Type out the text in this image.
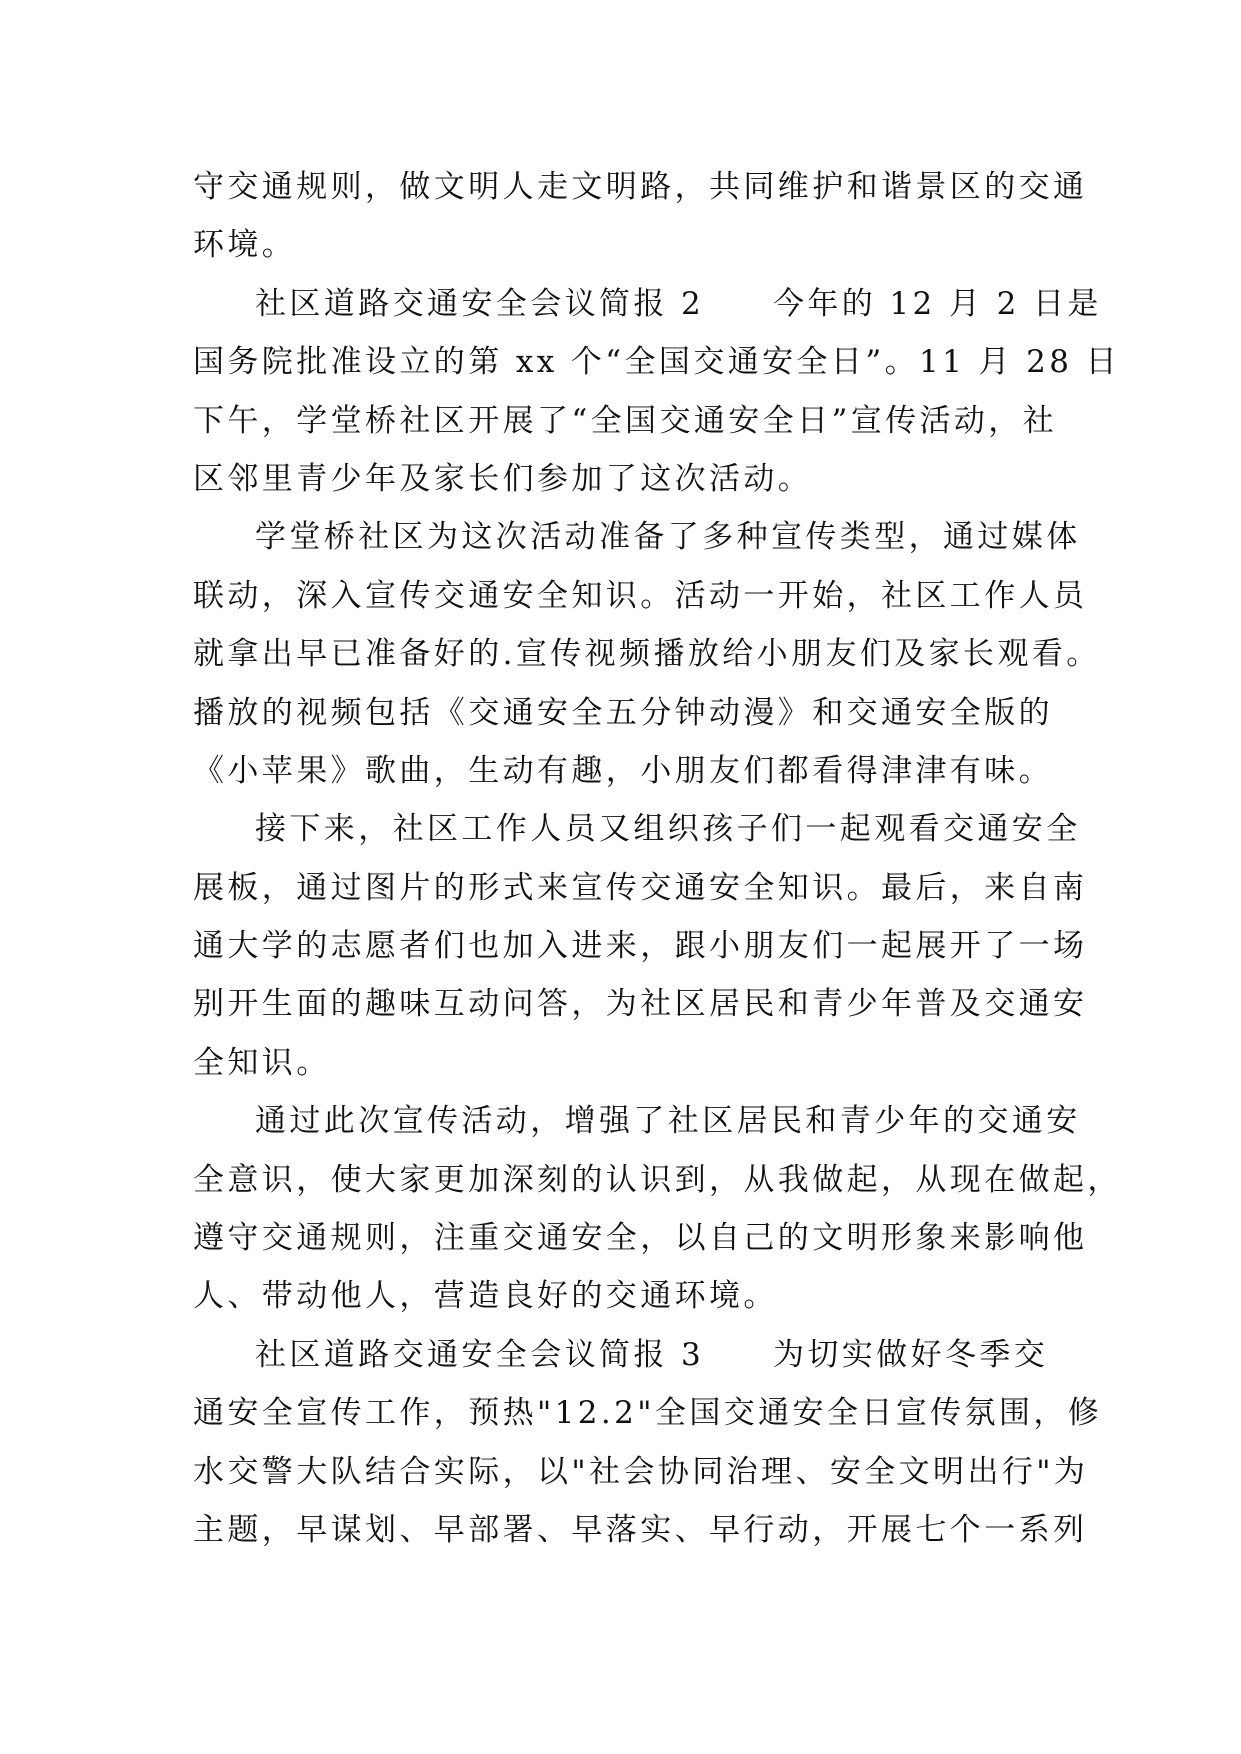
守交通规则，做文明人走文明路，共同维护和谐景区的交通
环境。
社区道路交通安全会议简报 2　　今年的 12 月 2 日是
国务院批准设立的第 xx 个“全国交通安全日”。11 月 28 日
下午，学堂桥社区开展了“全国交通安全日”宣传活动，社
区邻里青少年及家长们参加了这次活动。
学堂桥社区为这次活动准备了多种宣传类型，通过媒体
联动，深入宣传交通安全知识。活动一开始，社区工作人员
就拿出早已准备好的.宣传视频播放给小朋友们及家长观看。
播放的视频包括《交通安全五分钟动漫》和交通安全版的
《小苹果》歌曲，生动有趣，小朋友们都看得津津有味。
接下来，社区工作人员又组织孩子们一起观看交通安全
展板，通过图片的形式来宣传交通安全知识。最后，来自南
通大学的志愿者们也加入进来，跟小朋友们一起展开了一场
别开生面的趣味互动问答，为社区居民和青少年普及交通安
全知识。
通过此次宣传活动，增强了社区居民和青少年的交通安
全意识，使大家更加深刻的认识到，从我做起，从现在做起，
遵守交通规则，注重交通安全，以自己的文明形象来影响他
人、带动他人，营造良好的交通环境。
社区道路交通安全会议简报 3　　为切实做好冬季交
通安全宣传工作，预热"12.2"全国交通安全日宣传氛围，修
水交警大队结合实际，以"社会协同治理、安全文明出行"为
主题，早谋划、早部署、早落实、早行动，开展七个一系列
